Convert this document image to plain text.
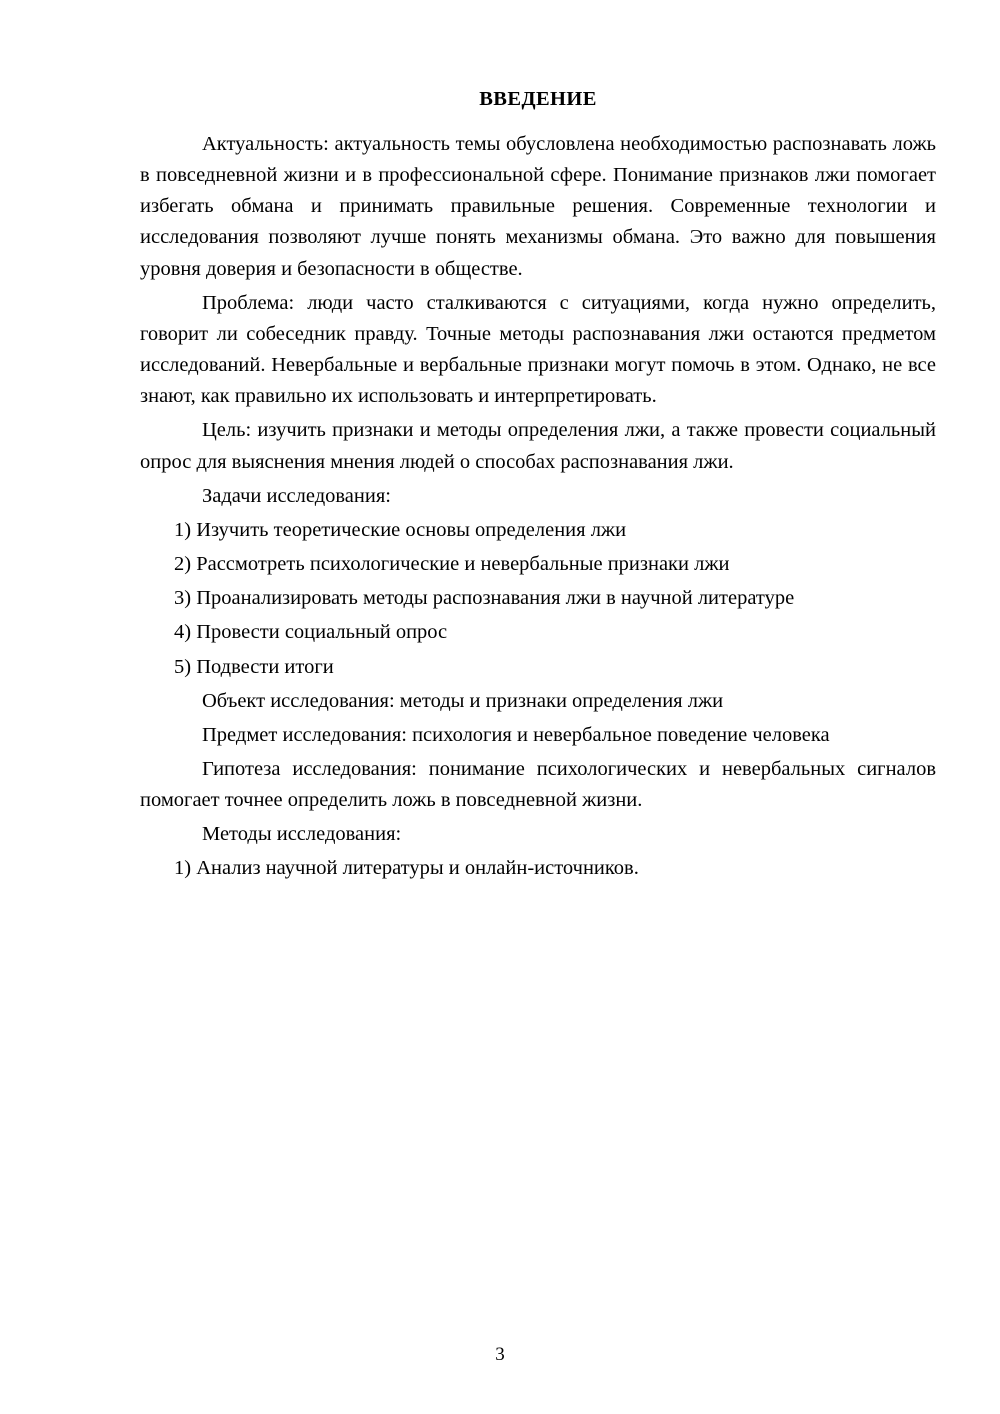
ВВЕДЕНИЕ

Актуальность: актуальность темы обусловлена необходимостью распознавать ложь в повседневной жизни и в профессиональной сфере. Понимание признаков лжи помогает избегать обмана и принимать правильные решения. Современные технологии и исследования позволяют лучше понять механизмы обмана. Это важно для повышения уровня доверия и безопасности в обществе.

Проблема: люди часто сталкиваются с ситуациями, когда нужно определить, говорит ли собеседник правду. Точные методы распознавания лжи остаются предметом исследований. Невербальные и вербальные признаки могут помочь в этом. Однако, не все знают, как правильно их использовать и интерпретировать.

Цель: изучить признаки и методы определения лжи, а также провести социальный опрос для выяснения мнения людей о способах распознавания лжи.

Задачи исследования:

1) Изучить теоретические основы определения лжи

2) Рассмотреть психологические и невербальные признаки лжи

3) Проанализировать методы распознавания лжи в научной литературе

4) Провести социальный опрос

5) Подвести итоги

Объект исследования: методы и признаки определения лжи

Предмет исследования: психология и невербальное поведение человека

Гипотеза исследования: понимание психологических и невербальных сигналов помогает точнее определить ложь в повседневной жизни.

Методы исследования:

1) Анализ научной литературы и онлайн-источников.

3
